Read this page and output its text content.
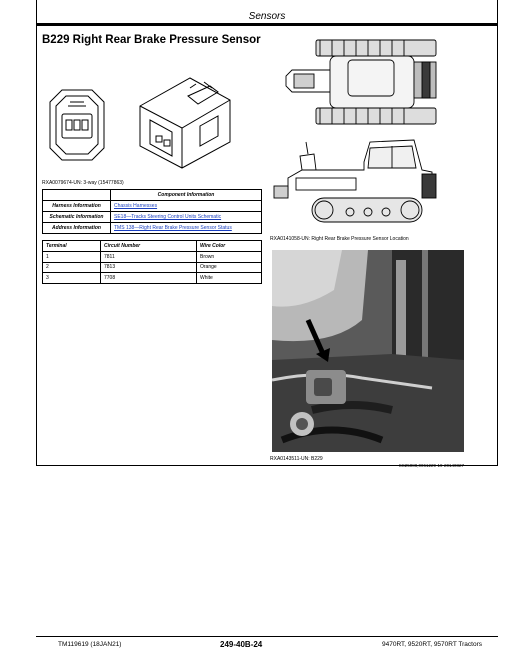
Sensors
B229 Right Rear Brake Pressure Sensor
RXA0079674-UN: 3-way (15477863)
	Component Information
Harness Information	Chassis Harnesses
Schematic Information	SE18—Tracks Steering Control Units Schematic
Address Information	TMS 138—Right Rear Brake Pressure Sensor Status
Terminal	Circuit Number	Wire Color
1	7811	Brown
2	7813	Orange
3	7708	White
RXA0141058-UN: Right Rear Brake Pressure Sensor Location
RXA0143511-UN: B229
SS25088,0061229-19-20140827
TM119619 (18JAN21)	249-40B-24	9470RT, 9520RT, 9570RT Tractors
